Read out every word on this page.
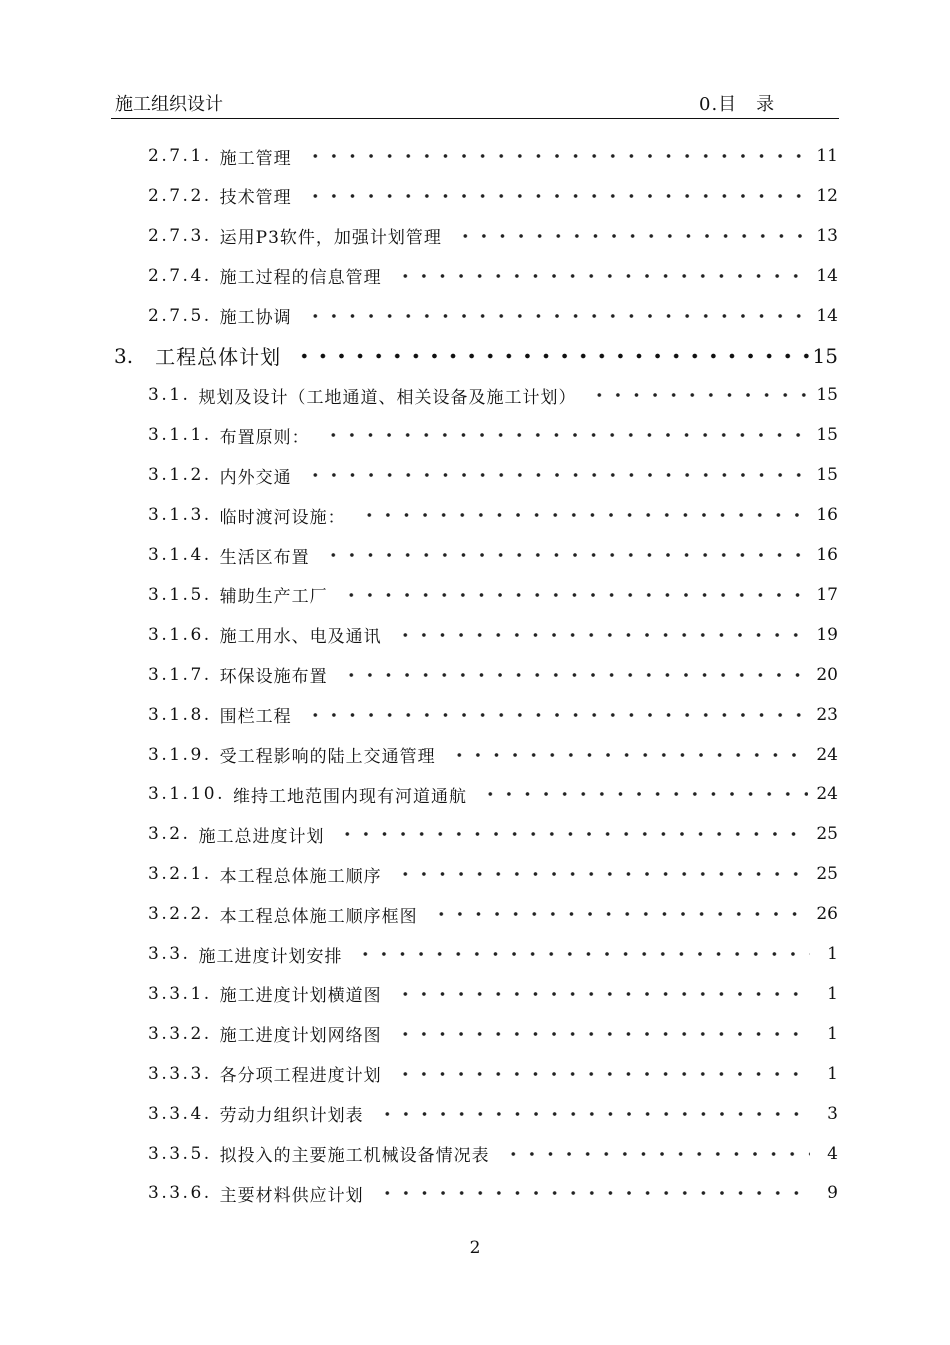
施工组织设计	0.目　录
2.7.1. 施工管理	11
2.7.2. 技术管理	12
2.7.3. 运用P3软件，加强计划管理	13
2.7.4. 施工过程的信息管理	14
2.7.5. 施工协调	14
3. 工程总体计划	15
3.1. 规划及设计（工地通道、相关设备及施工计划）	15
3.1.1. 布置原则：	15
3.1.2. 内外交通	15
3.1.3. 临时渡河设施：	16
3.1.4. 生活区布置	16
3.1.5. 辅助生产工厂	17
3.1.6. 施工用水、电及通讯	19
3.1.7. 环保设施布置	20
3.1.8. 围栏工程	23
3.1.9. 受工程影响的陆上交通管理	24
3.1.10. 维持工地范围内现有河道通航	24
3.2. 施工总进度计划	25
3.2.1. 本工程总体施工顺序	25
3.2.2. 本工程总体施工顺序框图	26
3.3. 施工进度计划安排	1
3.3.1. 施工进度计划横道图	1
3.3.2. 施工进度计划网络图	1
3.3.3. 各分项工程进度计划	1
3.3.4. 劳动力组织计划表	3
3.3.5. 拟投入的主要施工机械设备情况表	4
3.3.6. 主要材料供应计划	9
2
